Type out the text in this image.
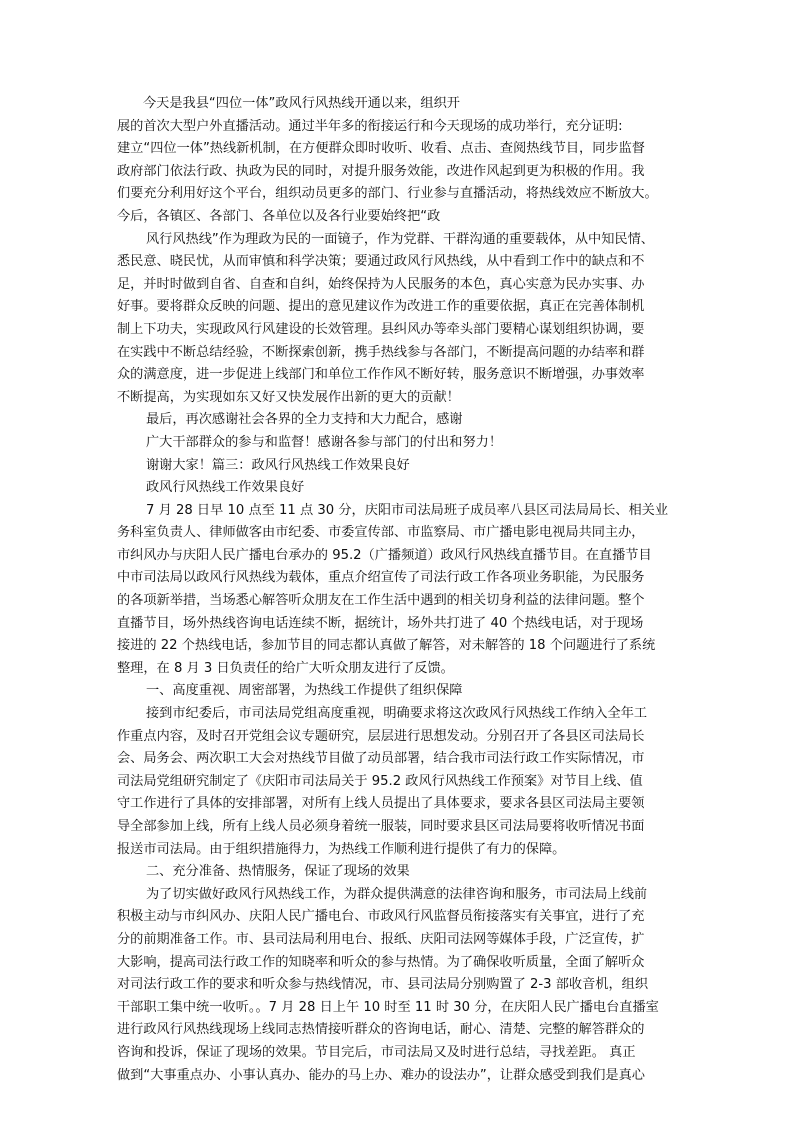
今天是我县“四位一体”政风行风热线开通以来，组织开
展的首次大型户外直播活动。通过半年多的衔接运行和今天现场的成功举行，充分证明:
建立“四位一体”热线新机制，在方便群众即时收听、收看、点击、查阅热线节目，同步监督
政府部门依法行政、执政为民的同时，对提升服务效能，改进作风起到更为积极的作用。我
们要充分利用好这个平台，组织动员更多的部门、行业参与直播活动，将热线效应不断放大。
今后，各镇区、各部门、各单位以及各行业要始终把“政
风行风热线”作为理政为民的一面镜子，作为党群、干群沟通的重要载体，从中知民情、
悉民意、晓民忧，从而审慎和科学决策；要通过政风行风热线，从中看到工作中的缺点和不
足，并时时做到自省、自查和自纠，始终保持为人民服务的本色，真心实意为民办实事、办
好事。要将群众反映的问题、提出的意见建议作为改进工作的重要依据，真正在完善体制机
制上下功夫，实现政风行风建设的长效管理。县纠风办等牵头部门要精心谋划组织协调，要
在实践中不断总结经验，不断探索创新，携手热线参与各部门，不断提高问题的办结率和群
众的满意度，进一步促进上线部门和单位工作作风不断好转，服务意识不断增强，办事效率
不断提高，为实现如东又好又快发展作出新的更大的贡献！
最后，再次感谢社会各界的全力支持和大力配合，感谢
广大干部群众的参与和监督！感谢各参与部门的付出和努力！
谢谢大家！篇三：政风行风热线工作效果良好
政风行风热线工作效果良好
7 月 28 日早 10 点至 11 点 30 分，庆阳市司法局班子成员率八县区司法局局长、相关业
务科室负责人、律师做客由市纪委、市委宣传部、市监察局、市广播电影电视局共同主办，
市纠风办与庆阳人民广播电台承办的 95.2（广播频道）政风行风热线直播节目。在直播节目
中市司法局以政风行风热线为载体，重点介绍宣传了司法行政工作各项业务职能，为民服务
的各项新举措，当场悉心解答听众朋友在工作生活中遇到的相关切身利益的法律问题。整个
直播节目，场外热线咨询电话连续不断，据统计，场外共打进了 40 个热线电话，对于现场
接进的 22 个热线电话，参加节目的同志都认真做了解答，对未解答的 18 个问题进行了系统
整理，在 8 月 3 日负责任的给广大听众朋友进行了反馈。
一、高度重视、周密部署，为热线工作提供了组织保障
接到市纪委后，市司法局党组高度重视，明确要求将这次政风行风热线工作纳入全年工
作重点内容，及时召开党组会议专题研究，层层进行思想发动。分别召开了各县区司法局长
会、局务会、两次职工大会对热线节目做了动员部署，结合我市司法行政工作实际情况，市
司法局党组研究制定了《庆阳市司法局关于 95.2 政风行风热线工作预案》对节目上线、值
守工作进行了具体的安排部署，对所有上线人员提出了具体要求，要求各县区司法局主要领
导全部参加上线，所有上线人员必须身着统一服装，同时要求县区司法局要将收听情况书面
报送市司法局。由于组织措施得力，为热线工作顺利进行提供了有力的保障。
二、充分准备、热情服务，保证了现场的效果
为了切实做好政风行风热线工作，为群众提供满意的法律咨询和服务，市司法局上线前
积极主动与市纠风办、庆阳人民广播电台、市政风行风监督员衔接落实有关事宜，进行了充
分的前期准备工作。市、县司法局利用电台、报纸、庆阳司法网等媒体手段，广泛宣传，扩
大影响，提高司法行政工作的知晓率和听众的参与热情。为了确保收听质量，全面了解听众
对司法行政工作的要求和听众参与热线情况，市、县司法局分别购置了 2-3 部收音机，组织
干部职工集中统一收听。。7 月 28 日上午 10 时至 11 时 30 分，在庆阳人民广播电台直播室
进行政风行风热线现场上线同志热情接听群众的咨询电话，耐心、清楚、完整的解答群众的
咨询和投诉，保证了现场的效果。节目完后，市司法局又及时进行总结，寻找差距。 真正
做到“大事重点办、小事认真办、能办的马上办、难办的设法办”，让群众感受到我们是真心
